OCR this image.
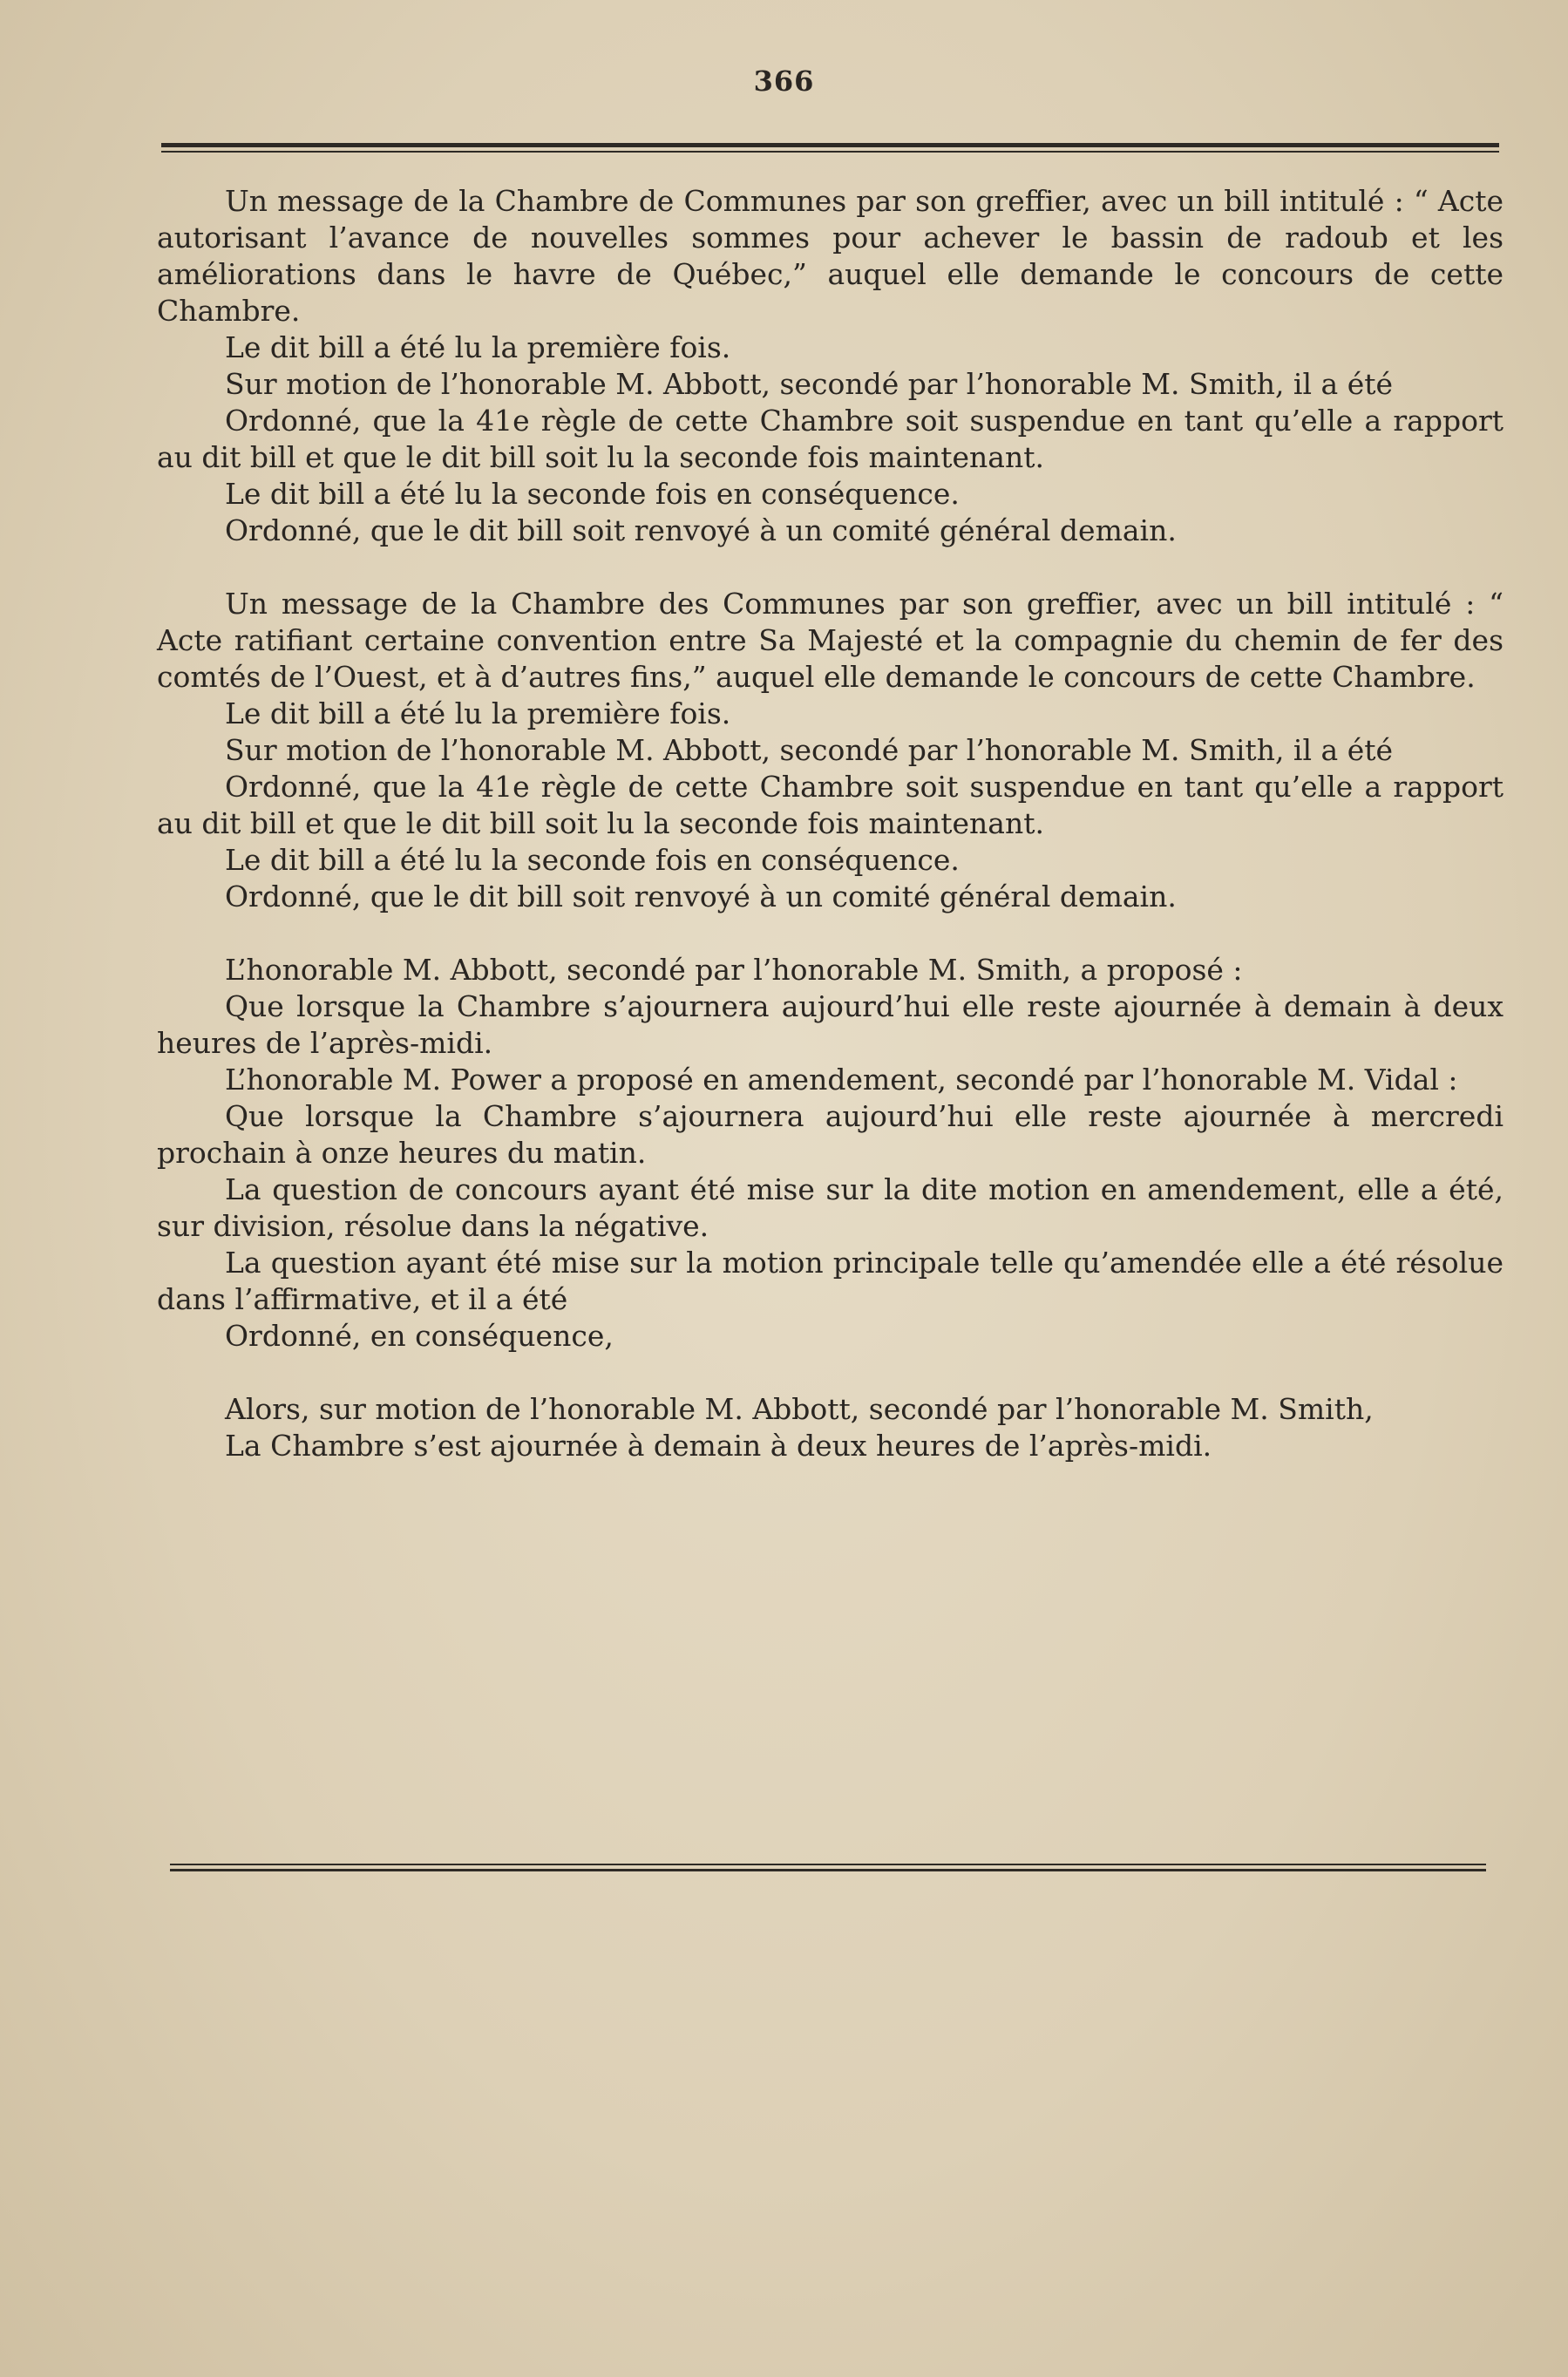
366

Un message de la Chambre de Communes par son greffier, avec un bill intitulé : “ Acte autorisant l’avance de nouvelles sommes pour achever le bassin de radoub et les améliorations dans le havre de Québec,” auquel elle demande le concours de cette Chambre.

Le dit bill a été lu la première fois.

Sur motion de l’honorable M. Abbott, secondé par l’honorable M. Smith, il a été

Ordonné, que la 41e règle de cette Chambre soit suspendue en tant qu’elle a rapport au dit bill et que le dit bill soit lu la seconde fois maintenant.

Le dit bill a été lu la seconde fois en conséquence.

Ordonné, que le dit bill soit renvoyé à un comité général demain.

Un message de la Chambre des Communes par son greffier, avec un bill intitulé : “ Acte ratifiant certaine convention entre Sa Majesté et la compagnie du chemin de fer des comtés de l’Ouest, et à d’autres fins,” auquel elle demande le concours de cette Chambre.

Le dit bill a été lu la première fois.

Sur motion de l’honorable M. Abbott, secondé par l’honorable M. Smith, il a été

Ordonné, que la 41e règle de cette Chambre soit suspendue en tant qu’elle a rapport au dit bill et que le dit bill soit lu la seconde fois maintenant.

Le dit bill a été lu la seconde fois en conséquence.

Ordonné, que le dit bill soit renvoyé à un comité général demain.

L’honorable M. Abbott, secondé par l’honorable M. Smith, a proposé :

Que lorsque la Chambre s’ajournera aujourd’hui elle reste ajournée à demain à deux heures de l’après-midi.

L’honorable M. Power a proposé en amendement, secondé par l’honorable M. Vidal :

Que lorsque la Chambre s’ajournera aujourd’hui elle reste ajournée à mercredi prochain à onze heures du matin.

La question de concours ayant été mise sur la dite motion en amendement, elle a été, sur division, résolue dans la négative.

La question ayant été mise sur la motion principale telle qu’amendée elle a été résolue dans l’affirmative, et il a été

Ordonné, en conséquence,

Alors, sur motion de l’honorable M. Abbott, secondé par l’honorable M. Smith,

La Chambre s’est ajournée à demain à deux heures de l’après-midi.
